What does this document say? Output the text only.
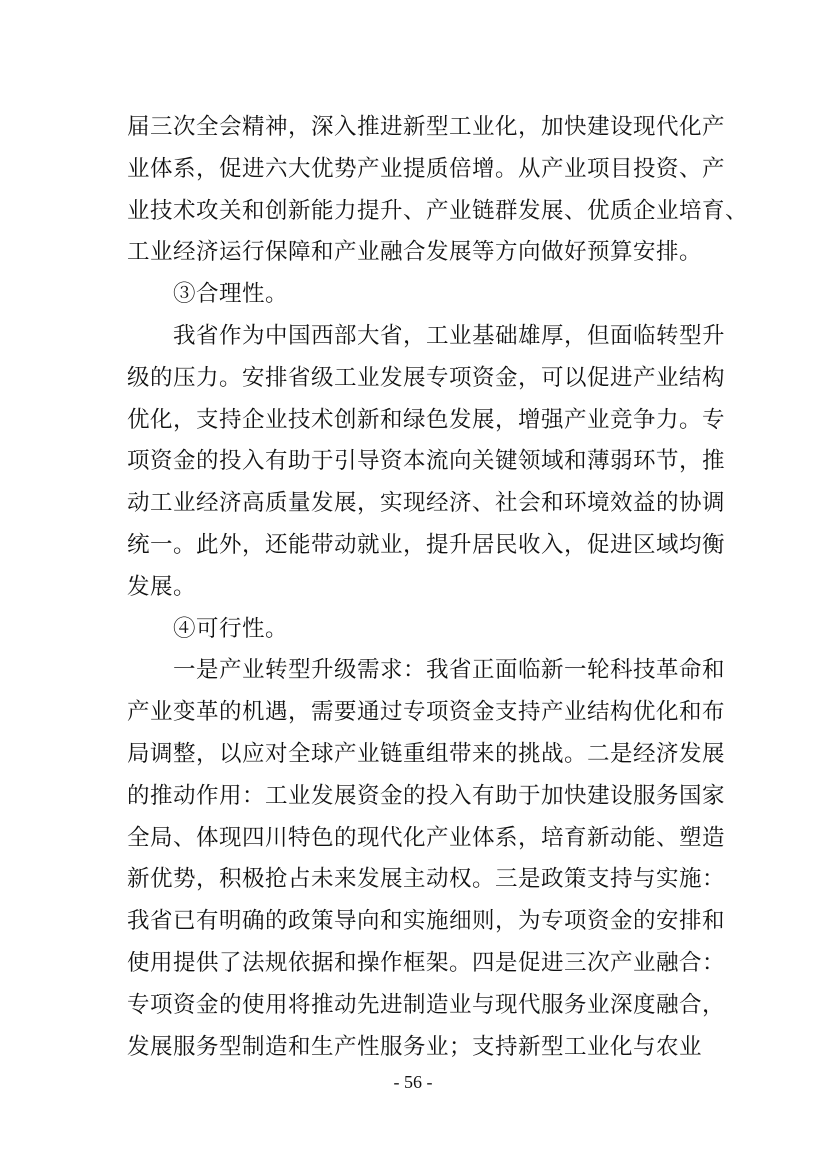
届三次全会精神，深入推进新型工业化，加快建设现代化产
业体系，促进六大优势产业提质倍增。从产业项目投资、产
业技术攻关和创新能力提升、产业链群发展、优质企业培育、
工业经济运行保障和产业融合发展等方向做好预算安排。
③合理性。
我省作为中国西部大省，工业基础雄厚，但面临转型升
级的压力。安排省级工业发展专项资金，可以促进产业结构
优化，支持企业技术创新和绿色发展，增强产业竞争力。专
项资金的投入有助于引导资本流向关键领域和薄弱环节，推
动工业经济高质量发展，实现经济、社会和环境效益的协调
统一。此外，还能带动就业，提升居民收入，促进区域均衡
发展。
④可行性。
一是产业转型升级需求：我省正面临新一轮科技革命和
产业变革的机遇，需要通过专项资金支持产业结构优化和布
局调整，以应对全球产业链重组带来的挑战。二是经济发展
的推动作用：工业发展资金的投入有助于加快建设服务国家
全局、体现四川特色的现代化产业体系，培育新动能、塑造
新优势，积极抢占未来发展主动权。三是政策支持与实施：
我省已有明确的政策导向和实施细则，为专项资金的安排和
使用提供了法规依据和操作框架。四是促进三次产业融合：
专项资金的使用将推动先进制造业与现代服务业深度融合，
发展服务型制造和生产性服务业；支持新型工业化与农业
- 56 -
